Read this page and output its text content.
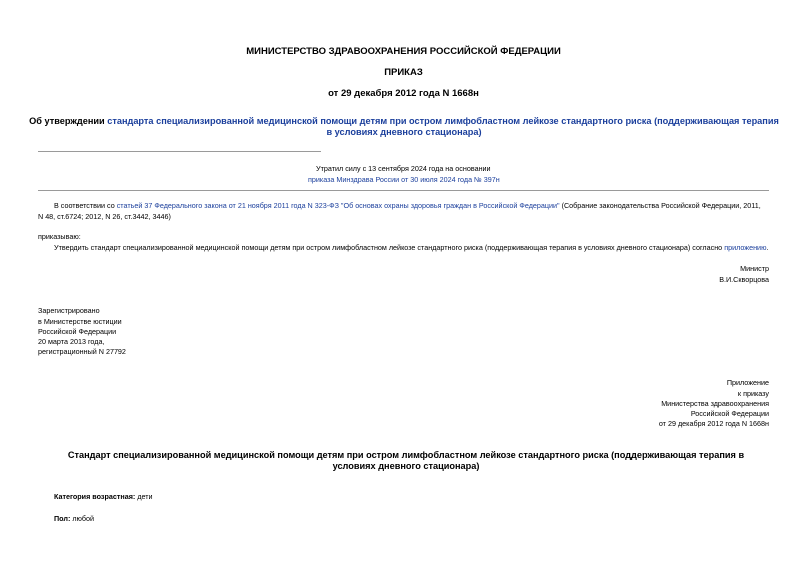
МИНИСТЕРСТВО ЗДРАВООХРАНЕНИЯ РОССИЙСКОЙ ФЕДЕРАЦИИ
ПРИКАЗ
от 29 декабря 2012 года N 1668н
Об утверждении стандарта специализированной медицинской помощи детям при остром лимфобластном лейкозе стандартного риска (поддерживающая терапия в условиях дневного стационара)
Утратил силу с 13 сентября 2024 года на основании
приказа Минздрава России от 30 июля 2024 года № 397н
В соответствии со статьей 37 Федерального закона от 21 ноября 2011 года N 323-ФЗ "Об основах охраны здоровья граждан в Российской Федерации" (Собрание законодательства Российской Федерации, 2011,
N 48, ст.6724; 2012, N 26, ст.3442, 3446)
приказываю:
Утвердить стандарт специализированной медицинской помощи детям при остром лимфобластном лейкозе стандартного риска (поддерживающая терапия в условиях дневного стационара) согласно приложению.
Министр
В.И.Скворцова
Зарегистрировано
в Министерстве юстиции
Российской Федерации
20 марта 2013 года,
регистрационный N 27792
Приложение
к приказу
Министерства здравоохранения
Российской Федерации
от 29 декабря 2012 года N 1668н
Стандарт специализированной медицинской помощи детям при остром лимфобластном лейкозе стандартного риска (поддерживающая терапия в условиях дневного стационара)
Категория возрастная: дети
Пол: любой
